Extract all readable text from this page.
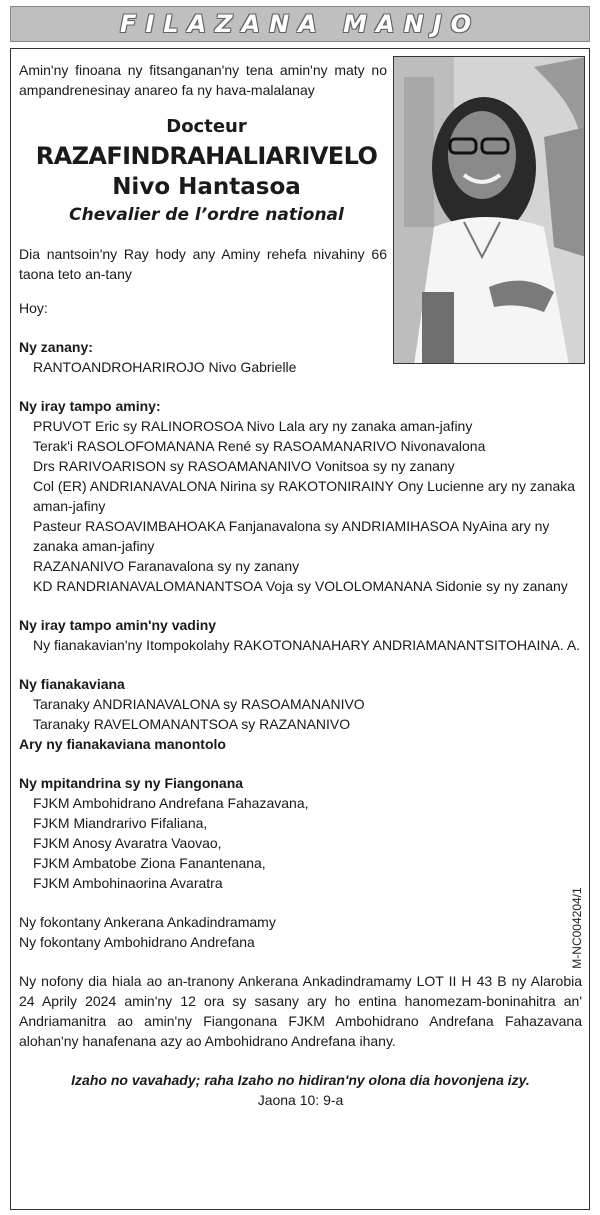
FILAZANA MANJO

Amin'ny finoana ny fitsanganan'ny tena amin'ny maty no ampandrenesinay anareo fa ny hava-malalanay

Docteur
RAZAFINDRAHALIARIVELO
Nivo Hantasoa
Chevalier de l’ordre national

Dia nantsoin'ny Ray hody any Aminy rehefa nivahiny 66 taona teto an-tany

Hoy:

Ny zanany:

RANTOANDROHARIROJO Nivo Gabrielle

Ny iray tampo aminy:

PRUVOT Eric sy RALINOROSOA Nivo Lala ary ny zanaka aman-jafiny

Terak'i RASOLOFOMANANA René sy RASOAMANARIVO Nivonavalona

Drs RARIVOARISON sy RASOAMANANIVO Vonitsoa sy ny zanany

Col (ER) ANDRIANAVALONA Nirina sy RAKOTONIRAINY Ony Lucienne ary ny zanaka aman-jafiny

Pasteur RASOAVIMBAHOAKA Fanjanavalona sy ANDRIAMIHASOA NyAina ary ny zanaka aman-jafiny

RAZANANIVO Faranavalona sy ny zanany

KD RANDRIANAVALOMANANTSOA Voja sy VOLOLOMANANA Sidonie sy ny zanany

Ny iray tampo amin'ny vadiny

Ny fianakavian'ny Itompokolahy RAKOTONANAHARY ANDRIAMANANTSITOHAINA. A.

Ny fianakaviana

Taranaky ANDRIANAVALONA sy RASOAMANANIVO

Taranaky RAVELOMANANTSOA sy RAZANANIVO

Ary ny fianakaviana manontolo

Ny mpitandrina sy ny Fiangonana

FJKM Ambohidrano Andrefana Fahazavana,

FJKM Miandrarivo Fifaliana,

FJKM Anosy Avaratra Vaovao,

FJKM Ambatobe Ziona Fanantenana,

FJKM Ambohinaorina Avaratra

Ny fokontany Ankerana Ankadindramamy

Ny fokontany Ambohidrano Andrefana

Ny nofony dia hiala ao an-tranony Ankerana Ankadindramamy LOT II H 43 B ny Alarobia 24 Aprily 2024 amin'ny 12 ora sy sasany ary ho entina hanomezam-boninahitra an' Andriamanitra ao amin'ny Fiangonana FJKM Ambohidrano Andrefana Fahazavana alohan'ny hanafenana azy ao Ambohidrano Andrefana ihany.

Izaho no vavahady; raha Izaho no hidiran'ny olona dia hovonjena izy.

Jaona 10: 9-a

M-NC004204/1
